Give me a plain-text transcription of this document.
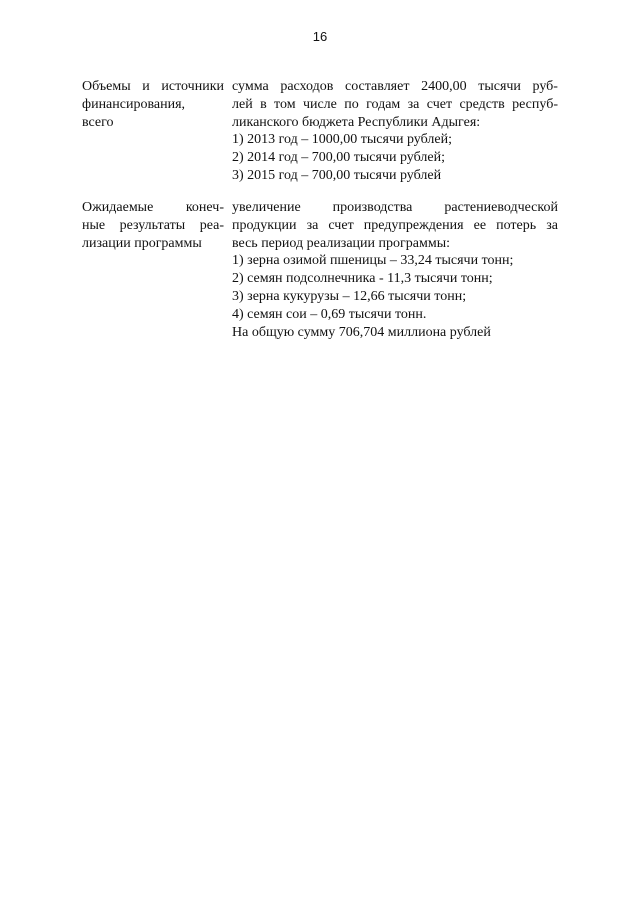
16
Объемы и источники
финансирования,
всего
сумма расходов составляет 2400,00 тысячи руб-
лей в том числе по годам за счет средств респуб-
ликанского бюджета Республики Адыгея:
1) 2013 год – 1000,00 тысячи рублей;
2) 2014 год – 700,00 тысячи рублей;
3) 2015 год – 700,00 тысячи рублей
Ожидаемые конеч-
ные результаты реа-
лизации программы
увеличение производства растениеводческой
продукции за счет предупреждения ее потерь за
весь период реализации программы:
1) зерна озимой пшеницы – 33,24 тысячи тонн;
2) семян подсолнечника - 11,3 тысячи тонн;
3) зерна кукурузы – 12,66 тысячи тонн;
4) семян сои – 0,69 тысячи тонн.
На общую сумму 706,704 миллиона рублей
